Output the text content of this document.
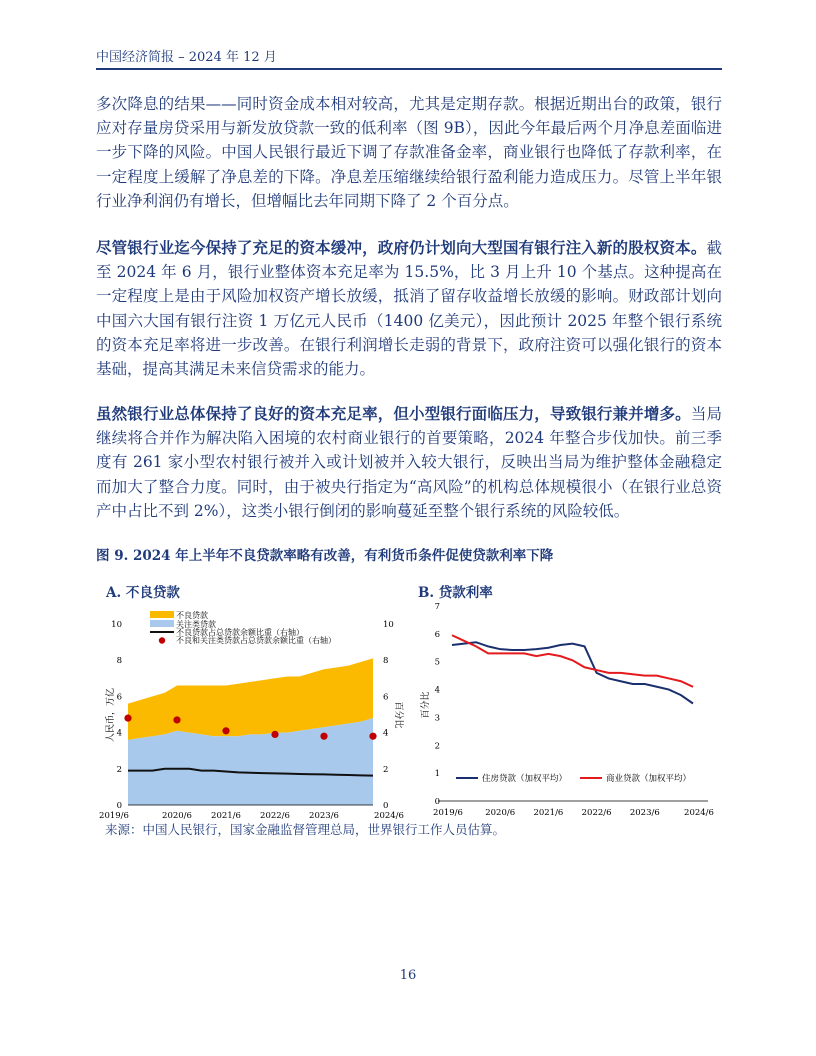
中国经济简报 – 2024 年 12 月
多次降息的结果——同时资金成本相对较高，尤其是定期存款。根据近期出台的政策，银行应对存量房贷采用与新发放贷款一致的低利率（图 9B），因此今年最后两个月净息差面临进一步下降的风险。中国人民银行最近下调了存款准备金率，商业银行也降低了存款利率，在一定程度上缓解了净息差的下降。净息差压缩继续给银行盈利能力造成压力。尽管上半年银行业净利润仍有增长，但增幅比去年同期下降了 2 个百分点。
尽管银行业迄今保持了充足的资本缓冲，政府仍计划向大型国有银行注入新的股权资本。截至 2024 年 6 月，银行业整体资本充足率为 15.5%，比 3 月上升 10 个基点。这种提高在一定程度上是由于风险加权资产增长放缓，抵消了留存收益增长放缓的影响。财政部计划向中国六大国有银行注资 1 万亿元人民币（1400 亿美元），因此预计 2025 年整个银行系统的资本充足率将进一步改善。在银行利润增长走弱的背景下，政府注资可以强化银行的资本基础，提高其满足未来信贷需求的能力。
虽然银行业总体保持了良好的资本充足率，但小型银行面临压力，导致银行兼并增多。当局继续将合并作为解决陷入困境的农村商业银行的首要策略，2024 年整合步伐加快。前三季度有 261 家小型农村银行被并入或计划被并入较大银行，反映出当局为维护整体金融稳定而加大了整合力度。同时，由于被央行指定为“高风险”的机构总体规模很小（在银行业总资产中占比不到 2%），这类小银行倒闭的影响蔓延至整个银行系统的风险较低。
图 9. 2024 年上半年不良贷款率略有改善，有利货币条件促使贷款利率下降
A. 不良贷款	B. 贷款利率
0	0
2	2
4	4
6	6
8	8
10	10
2019/6	2020/6 2021/6 2022/6 2023/6	2024/6
人民币，万亿	百分比
不良贷款
关注类贷款
不良贷款占总贷款余额比重（右轴）
不良和关注类贷款占总贷款余额比重（右轴）
0
1
2
3
4
5
6
7
2019/6	2020/6 2021/6 2022/6 2023/6	2024/6
百分比
住房贷款（加权平均）	商业贷款（加权平均）
来源：中国人民银行，国家金融监督管理总局，世界银行工作人员估算。
16
